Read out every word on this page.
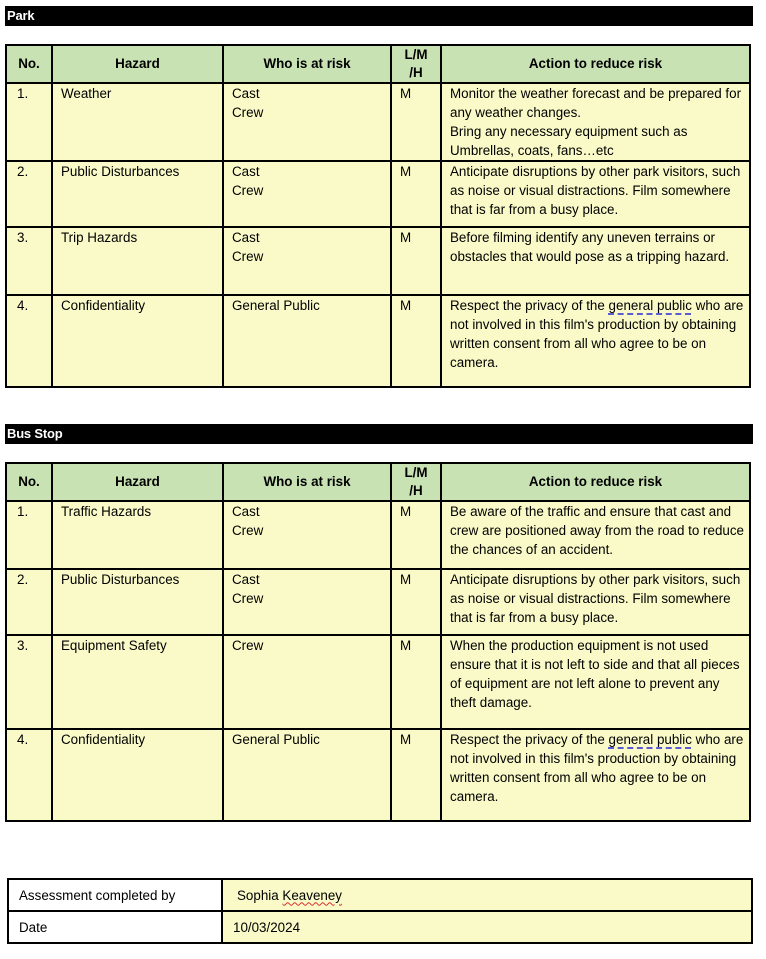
Park
No.	Hazard	Who is at risk	L/M
/H	Action to reduce risk
1.	Weather	Cast
Crew	M	Monitor the weather forecast and be prepared for any weather changes.
Bring any necessary equipment such as Umbrellas, coats, fans…etc
2.	Public Disturbances	Cast
Crew	M	Anticipate disruptions by other park visitors, such as noise or visual distractions. Film somewhere that is far from a busy place.
3.	Trip Hazards	Cast
Crew	M	Before filming identify any uneven terrains or obstacles that would pose as a tripping hazard.
4.	Confidentiality	General Public	M	Respect the privacy of the general public who are not involved in this film's production by obtaining written consent from all who agree to be on camera.
Bus Stop
No.	Hazard	Who is at risk	L/M
/H	Action to reduce risk
1.	Traffic Hazards	Cast
Crew	M	Be aware of the traffic and ensure that cast and crew are positioned away from the road to reduce the chances of an accident.
2.	Public Disturbances	Cast
Crew	M	Anticipate disruptions by other park visitors, such as noise or visual distractions. Film somewhere that is far from a busy place.
3.	Equipment Safety	Crew	M	When the production equipment is not used ensure that it is not left to side and that all pieces of equipment are not left alone to prevent any theft damage.
4.	Confidentiality	General Public	M	Respect the privacy of the general public who are not involved in this film's production by obtaining written consent from all who agree to be on camera.
Assessment completed by	Sophia Keaveney
Date	10/03/2024
